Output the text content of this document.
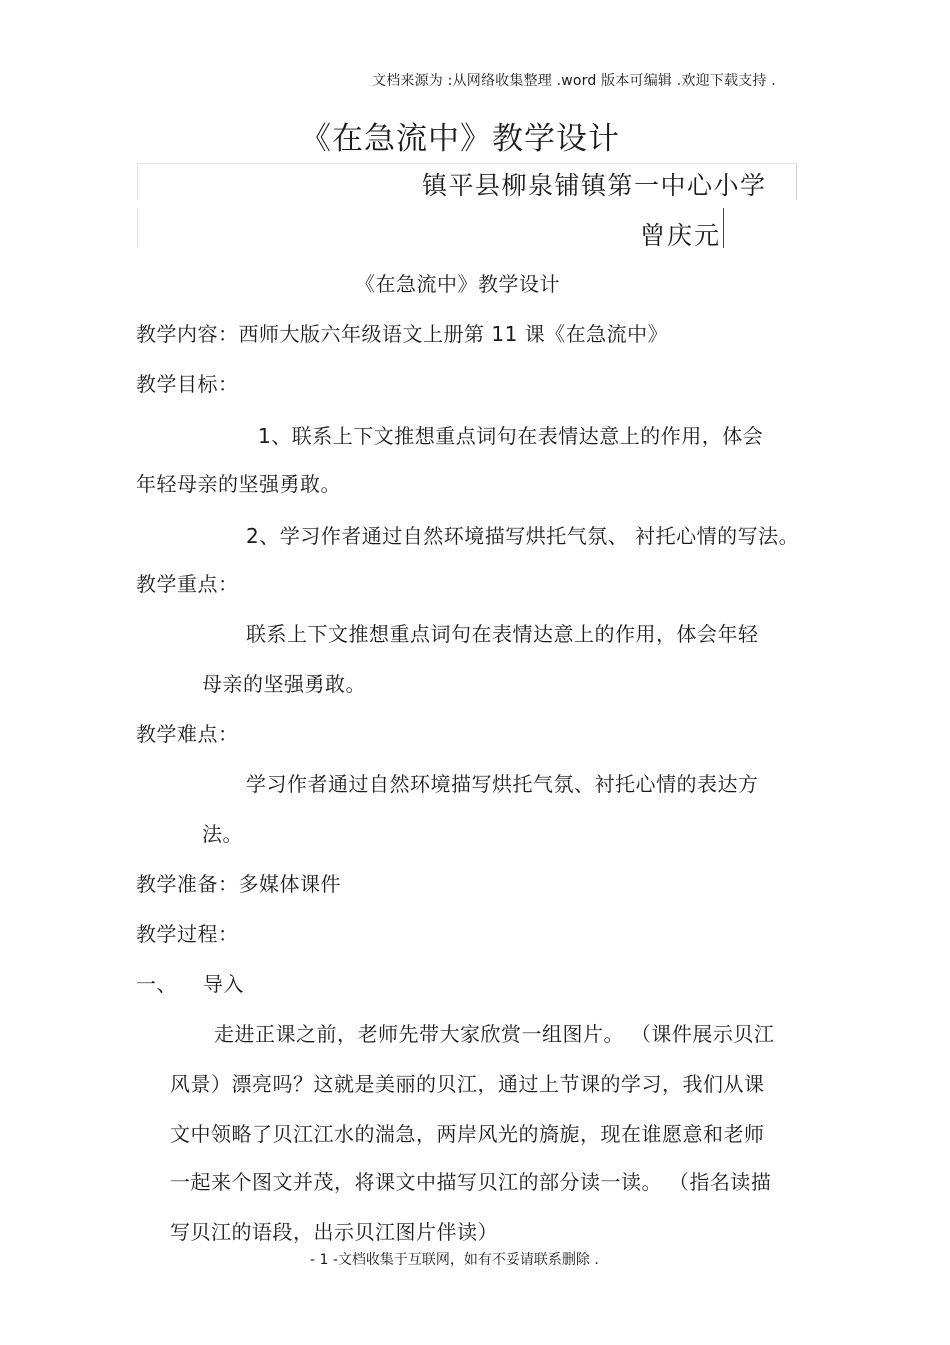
文档来源为 :从网络收集整理 .word 版本可编辑 .欢迎下载支持 .
《在急流中》教学设计
镇平县柳泉铺镇第一中心小学
曾庆元
《在急流中》教学设计
教学内容：西师大版六年级语文上册第 11 课《在急流中》
教学目标：
1、联系上下文推想重点词句在表情达意上的作用，体会
年轻母亲的坚强勇敢。
2、学习作者通过自然环境描写烘托气氛、 衬托心情的写法。
教学重点：
联系上下文推想重点词句在表情达意上的作用，体会年轻
母亲的坚强勇敢。
教学难点：
学习作者通过自然环境描写烘托气氛、衬托心情的表达方
法。
教学准备：多媒体课件
教学过程：
一、 导入
走进正课之前，老师先带大家欣赏一组图片。 （课件展示贝江
风景）漂亮吗？这就是美丽的贝江，通过上节课的学习，我们从课
文中领略了贝江江水的湍急，两岸风光的旖旎，现在谁愿意和老师
一起来个图文并茂，将课文中描写贝江的部分读一读。 （指名读描
写贝江的语段，出示贝江图片伴读）
- 1 -文档收集于互联网，如有不妥请联系删除 .
